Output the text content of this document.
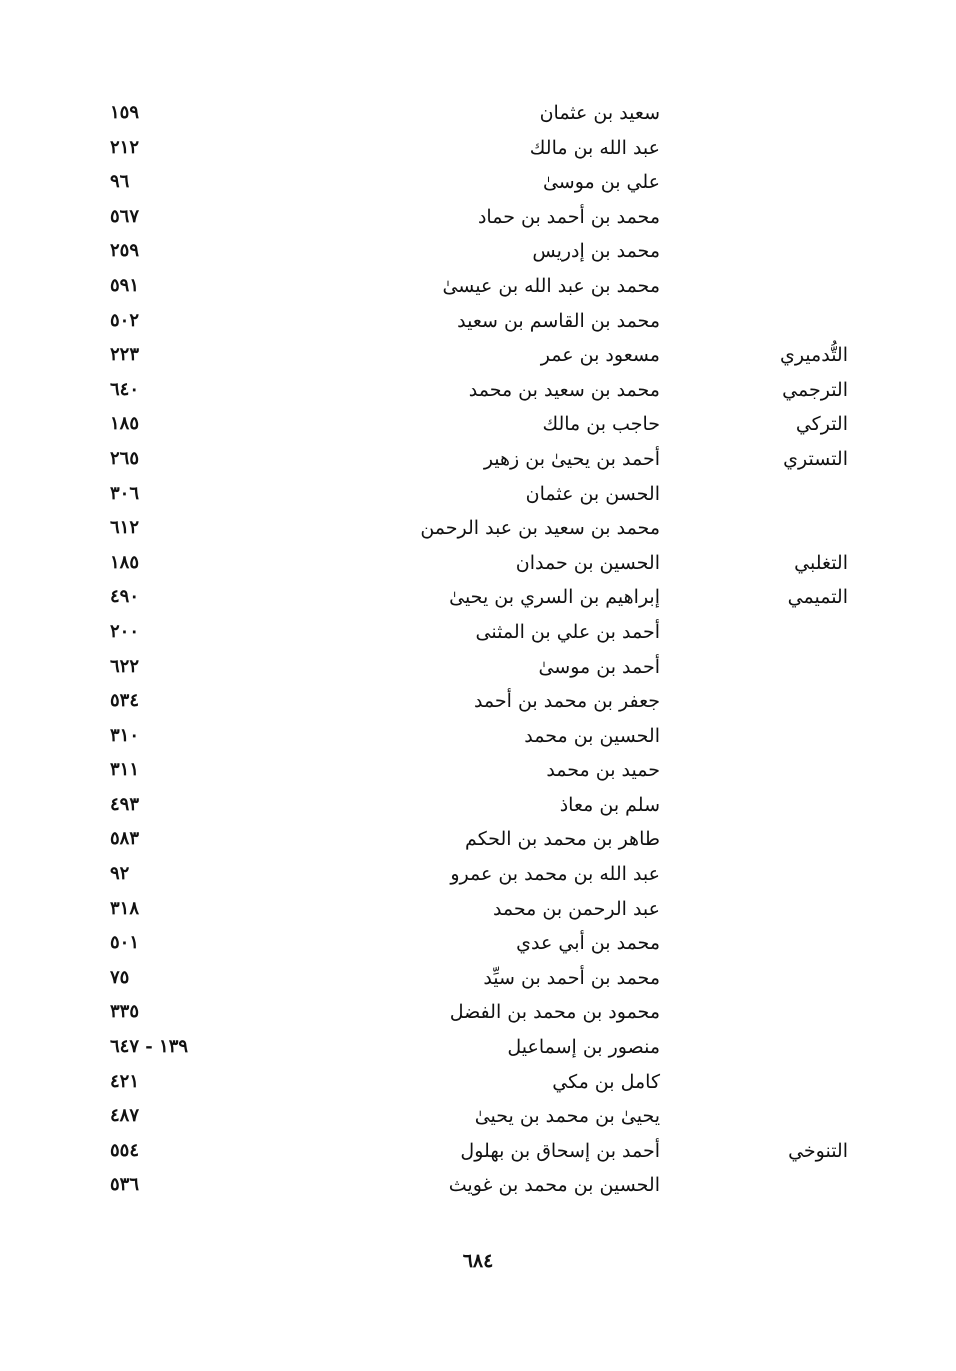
سعيد بن عثمان
١٥٩
عبد الله بن مالك
٢١٢
علي بن موسىٰ
٩٦
محمد بن أحمد بن حماد
٥٦٧
محمد بن إدريس
٢٥٩
محمد بن عبد الله بن عيسىٰ
٥٩١
محمد بن القاسم بن سعيد
٥٠٢
التُّدميري
مسعود بن عمر
٢٢٣
الترجمي
محمد بن سعيد بن محمد
٦٤٠
التركي
حاجب بن مالك
١٨٥
التستري
أحمد بن يحيىٰ بن زهير
٢٦٥
الحسن بن عثمان
٣٠٦
محمد بن سعيد بن عبد الرحمن
٦١٢
التغلبي
الحسين بن حمدان
١٨٥
التميمي
إبراهيم بن السري بن يحيىٰ
٤٩٠
أحمد بن علي بن المثنى
٢٠٠
أحمد بن موسىٰ
٦٢٢
جعفر بن محمد بن أحمد
٥٣٤
الحسين بن محمد
٣١٠
حميد بن محمد
٣١١
سلم بن معاذ
٤٩٣
طاهر بن محمد بن الحكم
٥٨٣
عبد الله بن محمد بن عمرو
٩٢
عبد الرحمن بن محمد
٣١٨
محمد بن أبي عدي
٥٠١
محمد بن أحمد بن سيِّد
٧٥
محمود بن محمد بن الفضل
٣٣٥
منصور بن إسماعيل
١٣٩ - ٦٤٧
كامل بن مكي
٤٢١
يحيىٰ بن محمد بن يحيىٰ
٤٨٧
التنوخي
أحمد بن إسحاق بن بهلول
٥٥٤
الحسين بن محمد بن غويث
٥٣٦
٦٨٤
